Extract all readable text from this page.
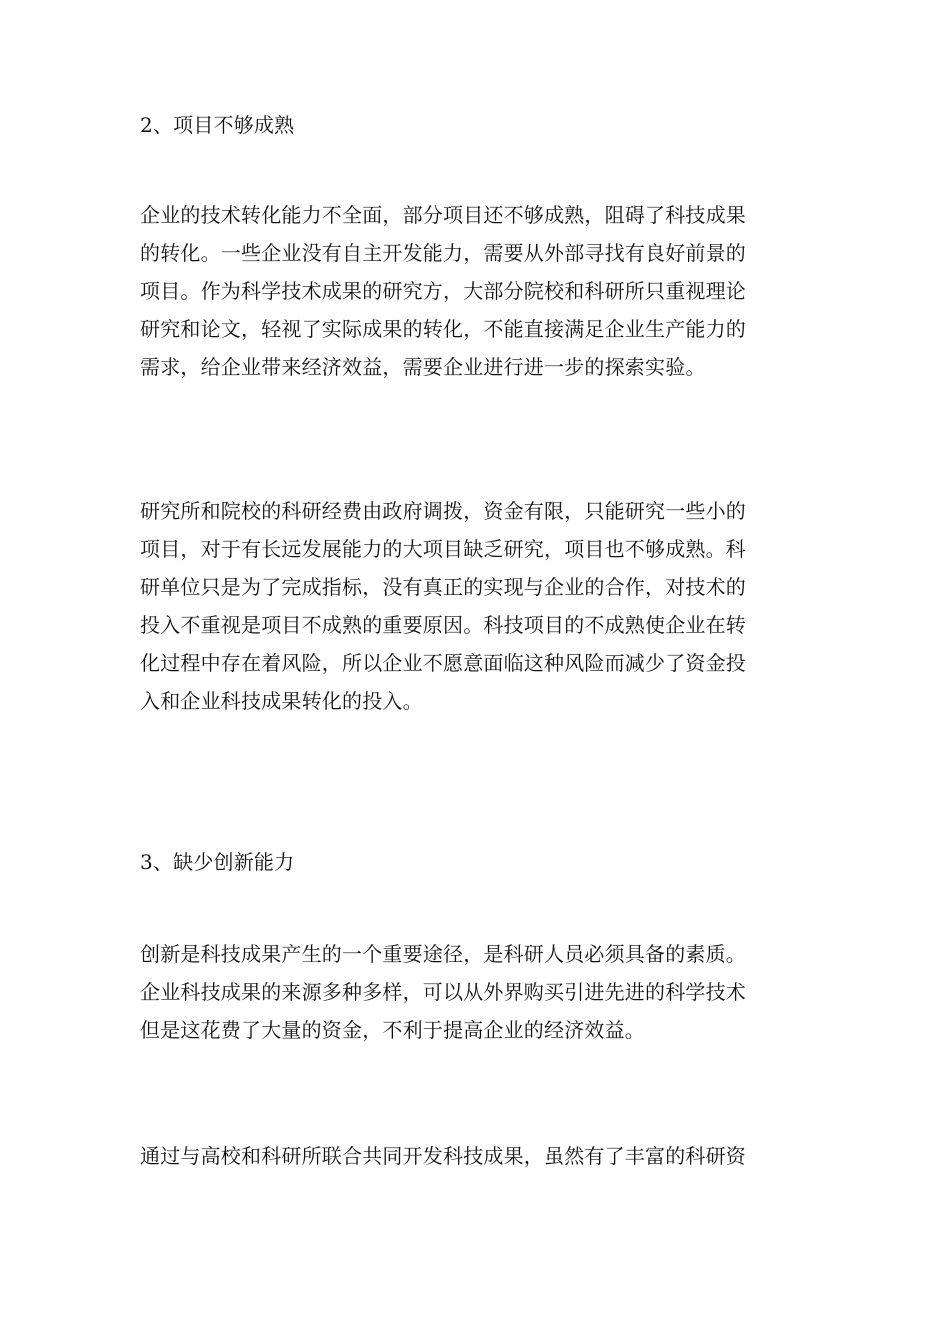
2、项目不够成熟
企业的技术转化能力不全面，部分项目还不够成熟，阻碍了科技成果
的转化。一些企业没有自主开发能力，需要从外部寻找有良好前景的
项目。作为科学技术成果的研究方，大部分院校和科研所只重视理论
研究和论文，轻视了实际成果的转化，不能直接满足企业生产能力的
需求，给企业带来经济效益，需要企业进行进一步的探索实验。
研究所和院校的科研经费由政府调拨，资金有限，只能研究一些小的
项目，对于有长远发展能力的大项目缺乏研究，项目也不够成熟。科
研单位只是为了完成指标，没有真正的实现与企业的合作，对技术的
投入不重视是项目不成熟的重要原因。科技项目的不成熟使企业在转
化过程中存在着风险，所以企业不愿意面临这种风险而减少了资金投
入和企业科技成果转化的投入。
3、缺少创新能力
创新是科技成果产生的一个重要途径，是科研人员必须具备的素质。
企业科技成果的来源多种多样，可以从外界购买引进先进的科学技术
但是这花费了大量的资金，不利于提高企业的经济效益。
通过与高校和科研所联合共同开发科技成果，虽然有了丰富的科研资
